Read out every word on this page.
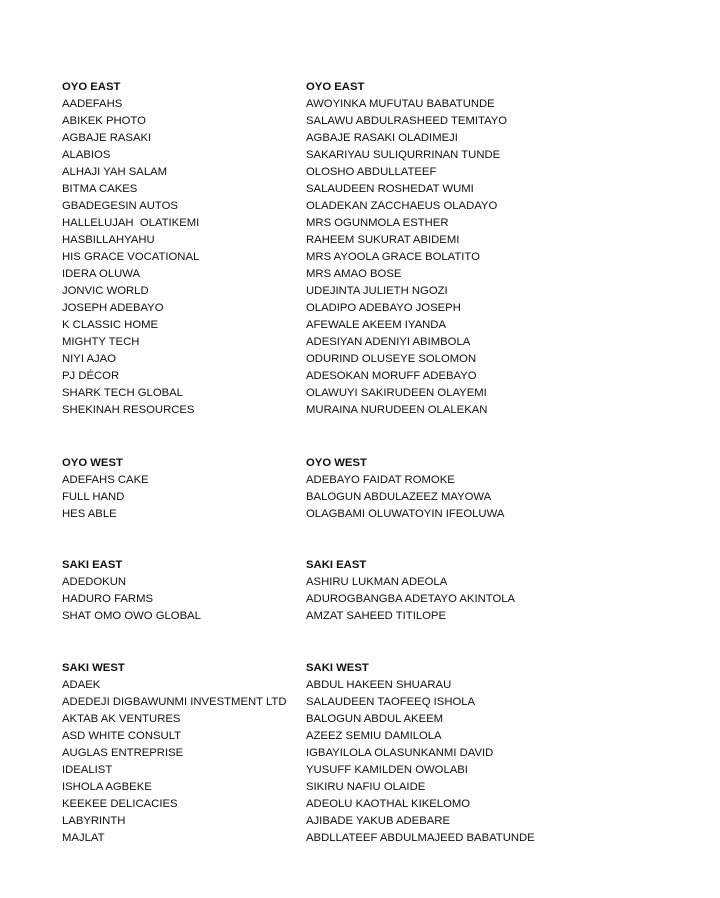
OYO EAST	OYO EAST
AADEFAHS	AWOYINKA MUFUTAU BABATUNDE
ABIKEK PHOTO	SALAWU ABDULRASHEED TEMITAYO
AGBAJE RASAKI	AGBAJE RASAKI OLADIMEJI
ALABIOS	SAKARIYAU SULIQURRINAN TUNDE
ALHAJI YAH SALAM	OLOSHO ABDULLATEEF
BITMA CAKES	SALAUDEEN ROSHEDAT WUMI
GBADEGESIN AUTOS	OLADEKAN ZACCHAEUS OLADAYO
HALLELUJAH  OLATIKEMI	MRS OGUNMOLA ESTHER
HASBILLAHYAHU	RAHEEM SUKURAT ABIDEMI
HIS GRACE VOCATIONAL	MRS AYOOLA GRACE BOLATITO
IDERA OLUWA	MRS AMAO BOSE
JONVIC WORLD	UDEJINTA JULIETH NGOZI
JOSEPH ADEBAYO	OLADIPO ADEBAYO JOSEPH
K CLASSIC HOME	AFEWALE AKEEM IYANDA
MIGHTY TECH	ADESIYAN ADENIYI ABIMBOLA
NIYI AJAO	ODURIND OLUSEYE SOLOMON
PJ DÉCOR	ADESOKAN MORUFF ADEBAYO
SHARK TECH GLOBAL	OLAWUYI SAKIRUDEEN OLAYEMI
SHEKINAH RESOURCES	MURAINA NURUDEEN OLALEKAN
OYO WEST	OYO WEST
ADEFAHS CAKE	ADEBAYO FAIDAT ROMOKE
FULL HAND	BALOGUN ABDULAZEEZ MAYOWA
HES ABLE	OLAGBAMI OLUWATOYIN IFEOLUWA
SAKI EAST	SAKI EAST
ADEDOKUN	ASHIRU LUKMAN ADEOLA
HADURO FARMS	ADUROGBANGBA ADETAYO AKINTOLA
SHAT OMO OWO GLOBAL	AMZAT SAHEED TITILOPE
SAKI WEST	SAKI WEST
ADAEK	ABDUL HAKEEN SHUARAU
ADEDEJI DIGBAWUNMI INVESTMENT LTD	SALAUDEEN TAOFEEQ ISHOLA
AKTAB AK VENTURES	BALOGUN ABDUL AKEEM
ASD WHITE CONSULT	AZEEZ SEMIU DAMILOLA
AUGLAS ENTREPRISE	IGBAYILOLA OLASUNKANMI DAVID
IDEALIST	YUSUFF KAMILDEN OWOLABI
ISHOLA AGBEKE	SIKIRU NAFIU OLAIDE
KEEKEE DELICACIES	ADEOLU KAOTHAL KIKELOMO
LABYRINTH	AJIBADE YAKUB ADEBARE
MAJLAT	ABDLLATEEF ABDULMAJEED BABATUNDE
